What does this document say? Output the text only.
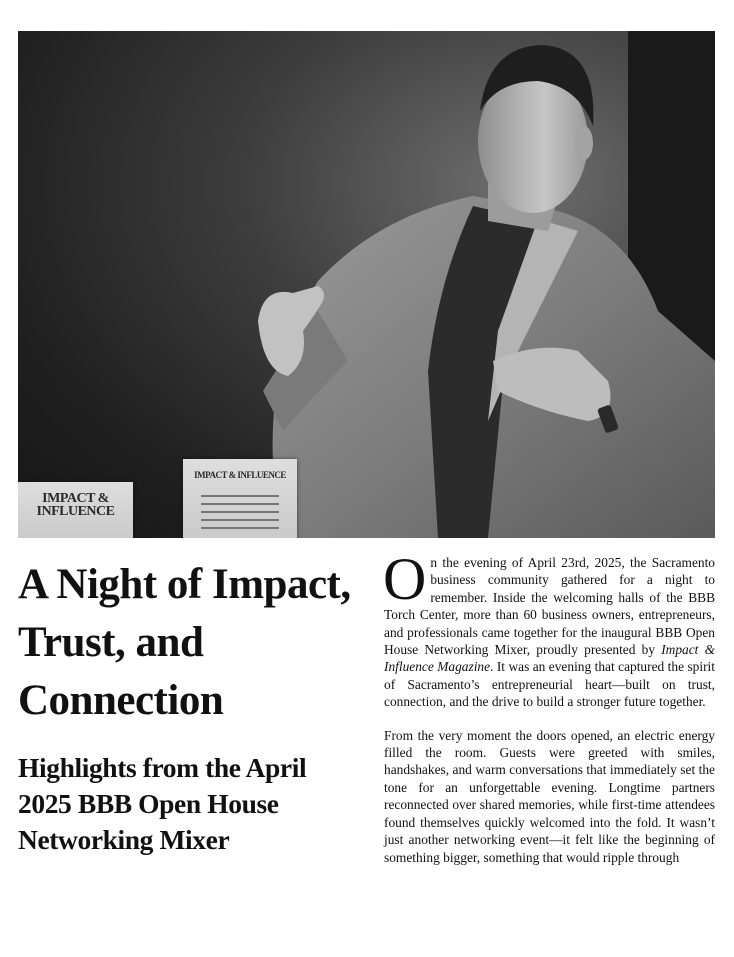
IMPACT & INFLUENCE
IMPACT & INFLUENCE
A Night of Impact, Trust, and Connection
Highlights from the April 2025 BBB Open House Networking Mixer

On the evening of April 23rd, 2025, the Sacramento business community gathered for a night to remember. Inside the welcoming halls of the BBB Torch Center, more than 60 business owners, entrepreneurs, and professionals came together for the inaugural BBB Open House Networking Mixer, proudly presented by Impact & Influence Magazine. It was an evening that captured the spirit of Sacramento’s entrepreneurial heart—built on trust, connection, and the drive to build a stronger future together.

From the very moment the doors opened, an electric energy filled the room. Guests were greeted with smiles, handshakes, and warm conversations that immediately set the tone for an unforgettable evening. Longtime partners reconnected over shared memories, while first-time attendees found themselves quickly welcomed into the fold. It wasn’t just another networking event—it felt like the beginning of something bigger, something that would ripple through
